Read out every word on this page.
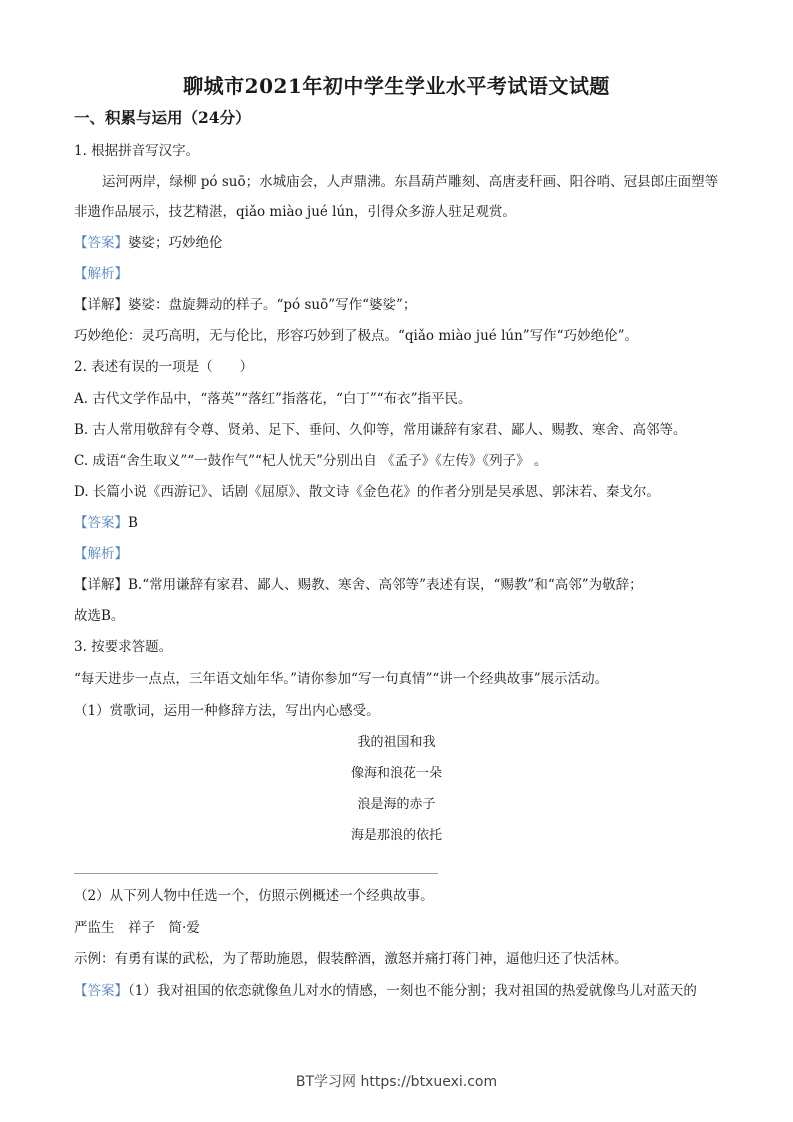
聊城市2021年初中学生学业水平考试语文试题
一、积累与运用（24分）
1. 根据拼音写汉字。
运河两岸，绿柳 pó suō；水城庙会，人声鼎沸。东昌葫芦雕刻、高唐麦秆画、阳谷哨、冠县郎庄面塑等
非遗作品展示，技艺精湛，qiǎo miào jué lún，引得众多游人驻足观赏。
【答案】婆娑；巧妙绝伦
【解析】
【详解】婆娑：盘旋舞动的样子。“pó suō”写作“婆娑”；
巧妙绝伦：灵巧高明，无与伦比，形容巧妙到了极点。“qiǎo miào jué lún”写作“巧妙绝伦”。
2. 表述有误的一项是（　　）
A. 古代文学作品中，“落英”“落红”指落花，“白丁”“布衣”指平民。
B. 古人常用敬辞有令尊、贤弟、足下、垂问、久仰等，常用谦辞有家君、鄙人、赐教、寒舍、高邻等。
C. 成语“舍生取义”“一鼓作气”“杞人忧天”分别出自 《孟子》《左传》《列子》 。
D. 长篇小说《西游记》、话剧《屈原》、散文诗《金色花》的作者分别是吴承恩、郭沫若、秦戈尔。
【答案】B
【解析】
【详解】B.“常用谦辞有家君、鄙人、赐教、寒舍、高邻等”表述有误，“赐教”和“高邻”为敬辞；
故选B。
3. 按要求答题。
“每天进步一点点，三年语文灿年华。”请你参加“写一句真情”“讲一个经典故事”展示活动。
（1）赏歌词，运用一种修辞方法，写出内心感受。
我的祖国和我
像海和浪花一朵
浪是海的赤子
海是那浪的依托
（2）从下列人物中任选一个，仿照示例概述一个经典故事。
严监生　祥子　简·爱
示例：有勇有谋的武松，为了帮助施恩，假装醉酒，激怒并痛打蒋门神，逼他归还了快活林。
【答案】（1）我对祖国的依恋就像鱼儿对水的情感，一刻也不能分割；我对祖国的热爱就像鸟儿对蓝天的
BT学习网 https://btxuexi.com
